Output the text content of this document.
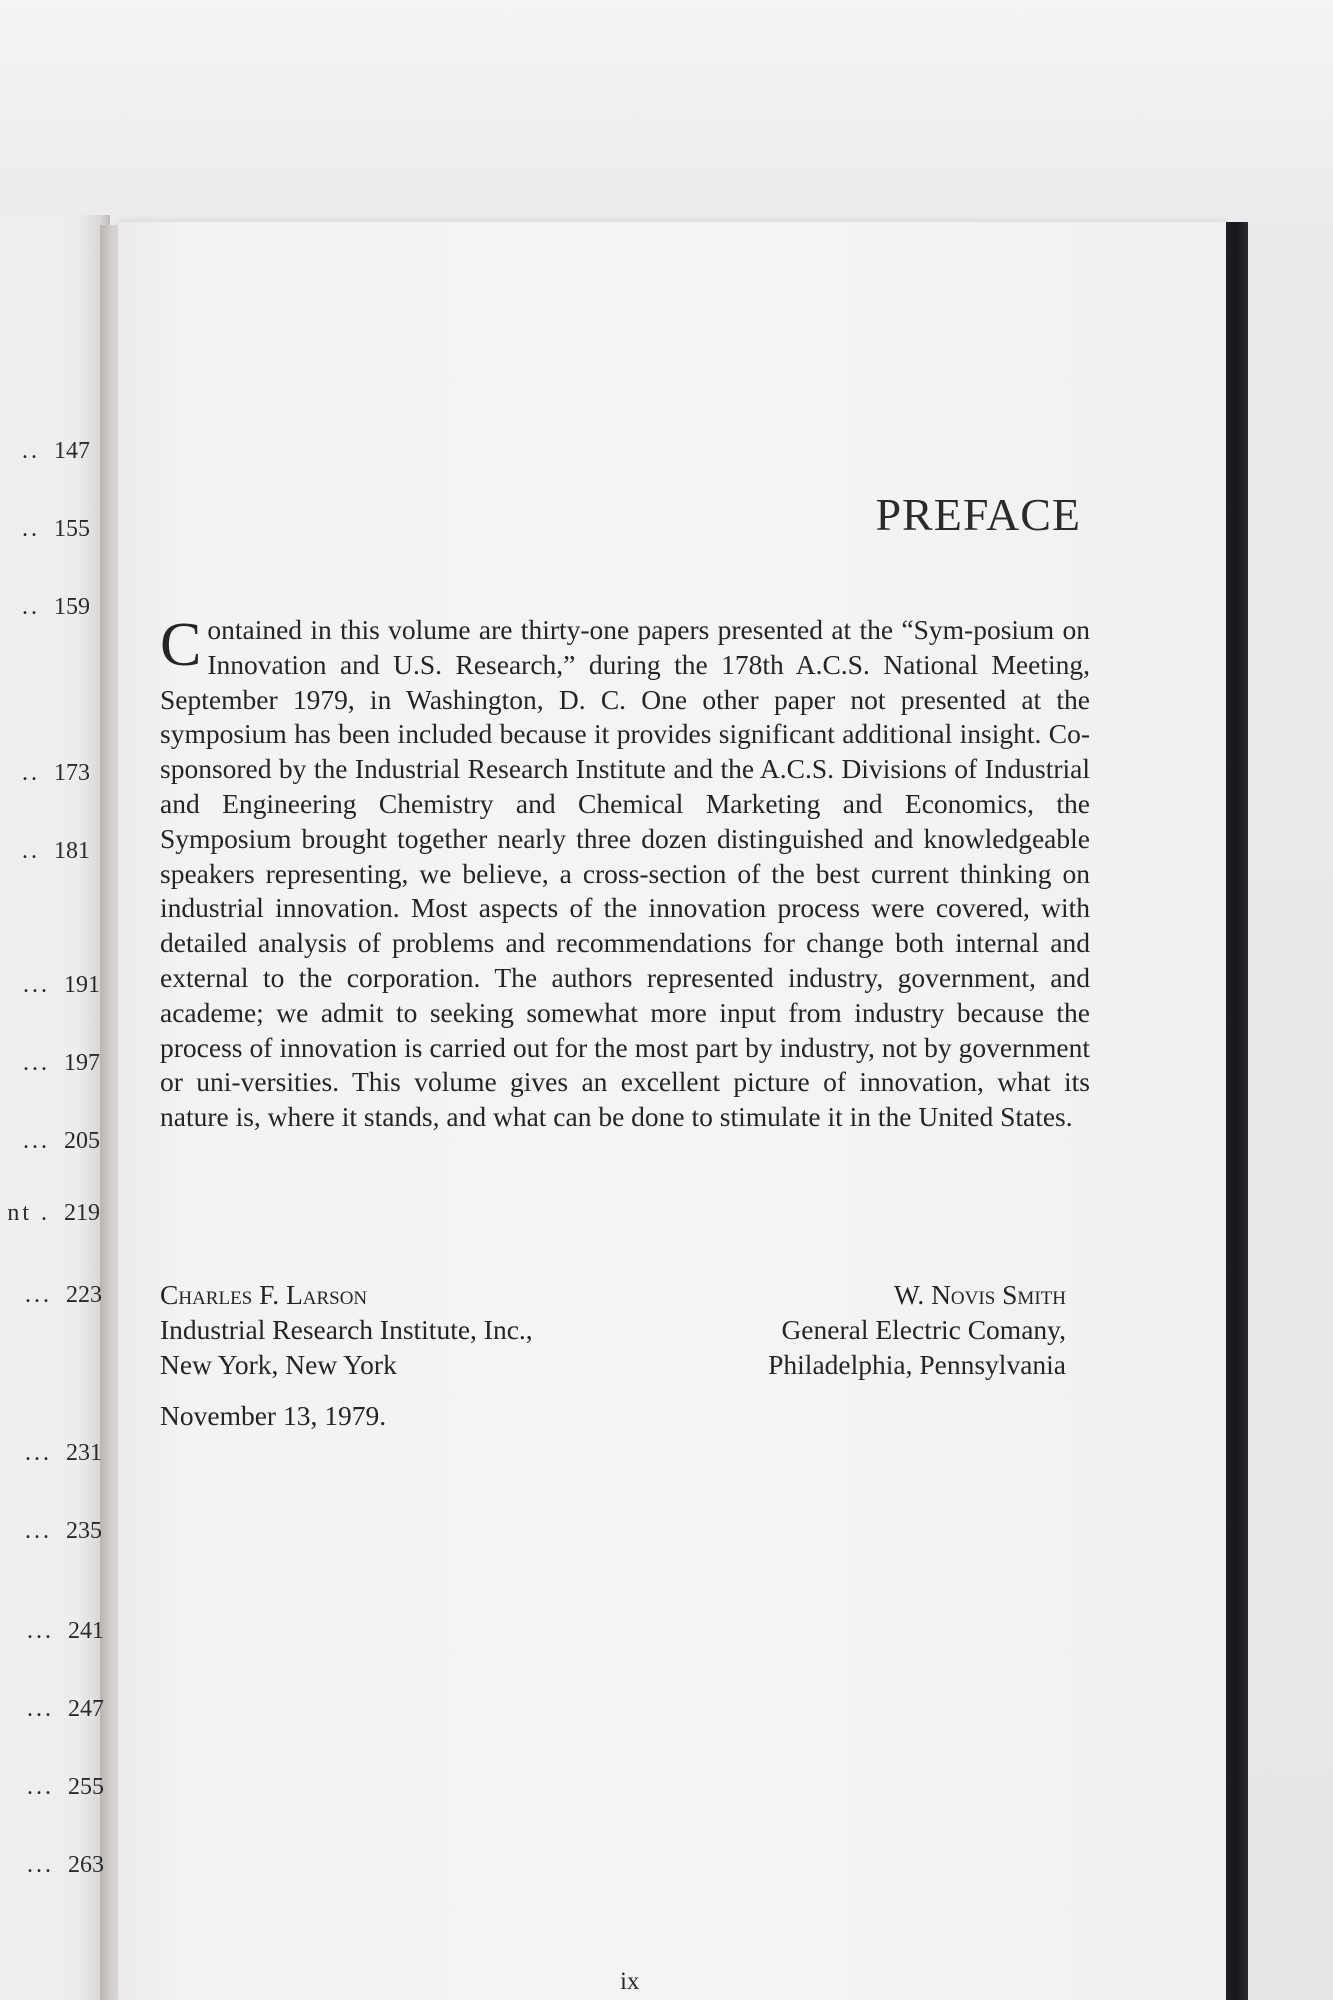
.. 147
.. 155
.. 159
.. 173
.. 181
... 191
... 197
... 205
nt . 219
... 223
... 231
... 235
... 241
... 247
... 255
... 263
PREFACE

Contained in this volume are thirty-one papers presented at the “Sym-posium on Innovation and U.S. Research,” during the 178th A.C.S. National Meeting, September 1979, in Washington, D. C. One other paper not presented at the symposium has been included because it provides significant additional insight. Co-sponsored by the Industrial Research Institute and the A.C.S. Divisions of Industrial and Engineering Chemistry and Chemical Marketing and Economics, the Symposium brought together nearly three dozen distinguished and knowledgeable speakers representing, we believe, a cross-section of the best current thinking on industrial innovation. Most aspects of the innovation process were covered, with detailed analysis of problems and recommendations for change both internal and external to the corporation. The authors represented industry, government, and academe; we admit to seeking somewhat more input from industry because the process of innovation is carried out for the most part by industry, not by government or uni-versities. This volume gives an excellent picture of innovation, what its nature is, where it stands, and what can be done to stimulate it in the United States.

Charles F. Larson
Industrial Research Institute, Inc.,
New York, New York
W. Novis Smith
General Electric Comany,
Philadelphia, Pennsylvania

November 13, 1979.

ix
